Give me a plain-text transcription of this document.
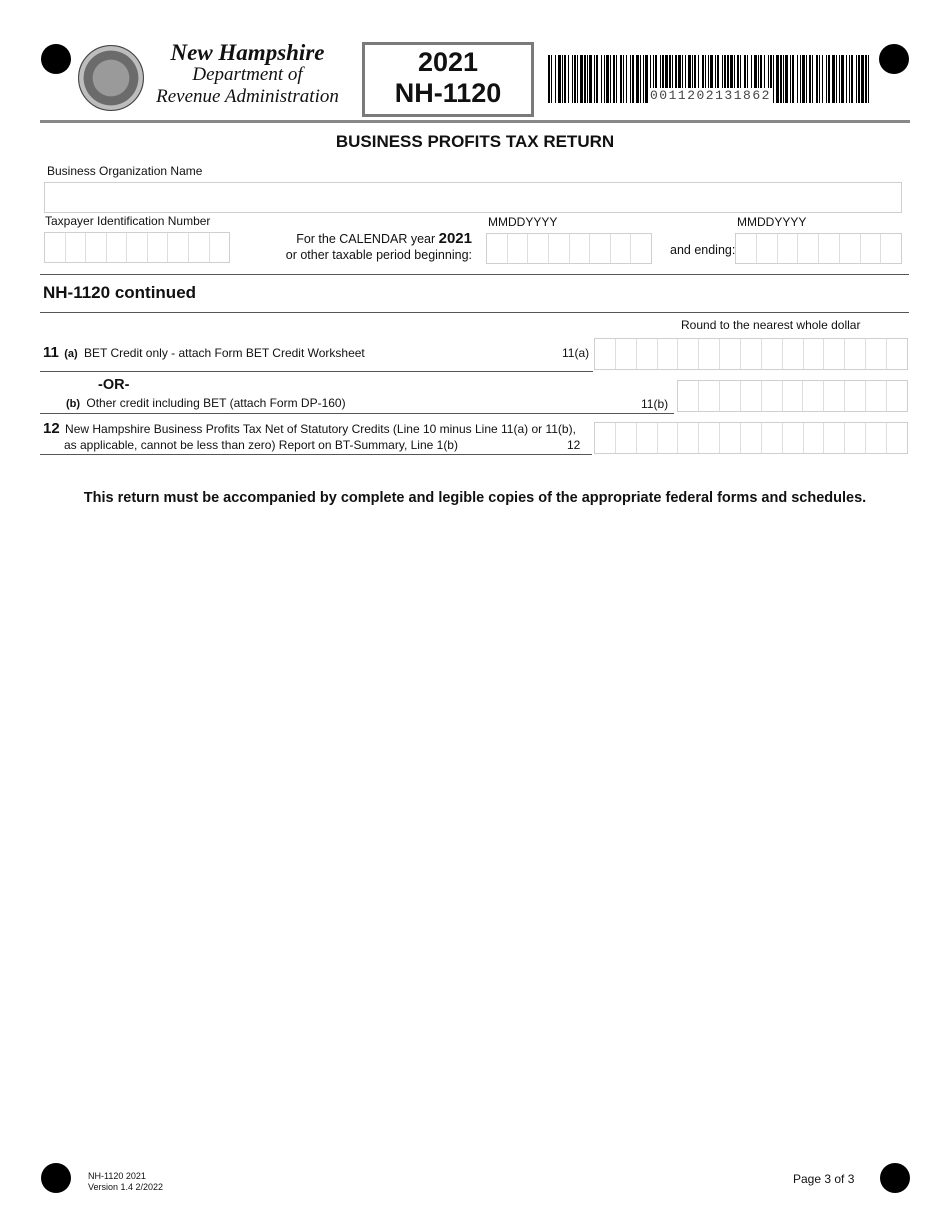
New Hampshire
Department of
Revenue Administration
2021
NH-1120	0011202131862
BUSINESS PROFITS TAX RETURN
Business Organization Name
Taxpayer Identification Number
For the CALENDAR year 2021
or other taxable period beginning:
MMDDYYYY
and ending:
MMDDYYYY
NH-1120 continued
Round to the nearest whole dollar
11 (a) BET Credit only - attach Form BET Credit Worksheet	11(a)
-OR-
(b) Other credit including BET (attach Form DP-160)	11(b)
12 New Hampshire Business Profits Tax Net of Statutory Credits (Line 10 minus Line 11(a) or 11(b),
as applicable, cannot be less than zero) Report on BT-Summary, Line 1(b)	12
This return must be accompanied by complete and legible copies of the appropriate federal forms and schedules.
NH-1120 2021
Version 1.4 2/2022
Page 3 of 3
